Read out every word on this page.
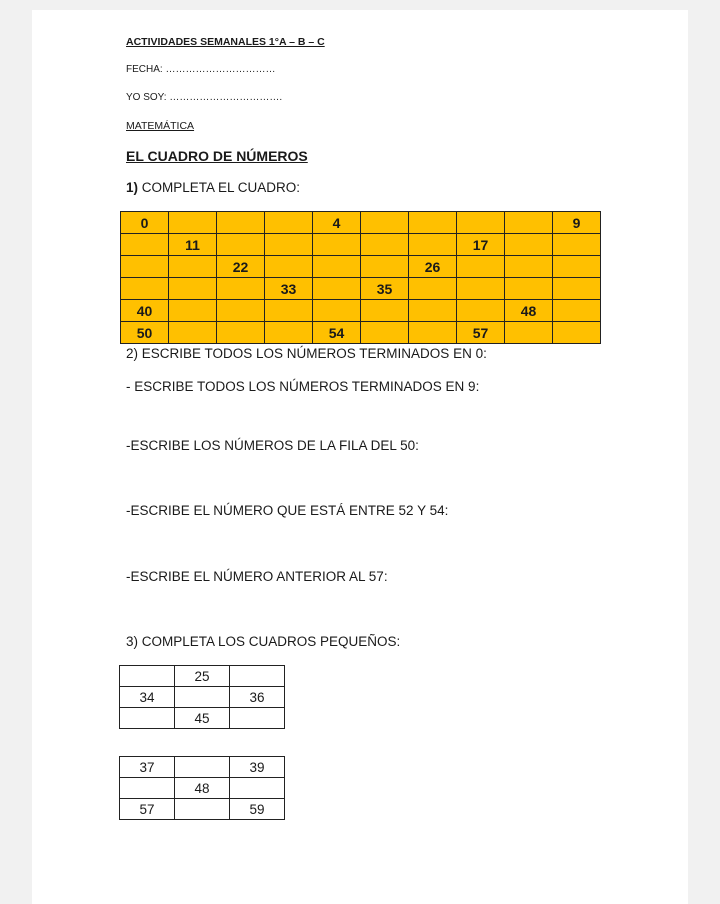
ACTIVIDADES SEMANALES 1°A – B – C
FECHA: ……………………………
YO SOY: …………………………….
MATEMÁTICA
EL CUADRO DE NÚMEROS
1) COMPLETA EL CUADRO:
0				4					9
	11						17		
		22				26			
			33		35				
40								48	
50				54			57		
2) ESCRIBE TODOS LOS NÚMEROS TERMINADOS EN 0:
- ESCRIBE TODOS LOS NÚMEROS TERMINADOS EN 9:
-ESCRIBE LOS NÚMEROS DE LA FILA DEL 50:
-ESCRIBE EL NÚMERO QUE ESTÁ ENTRE 52 Y 54:
-ESCRIBE EL NÚMERO ANTERIOR AL 57:
3) COMPLETA LOS CUADROS PEQUEÑOS:
	25	
34		36
	45	
37		39
	48	
57		59
